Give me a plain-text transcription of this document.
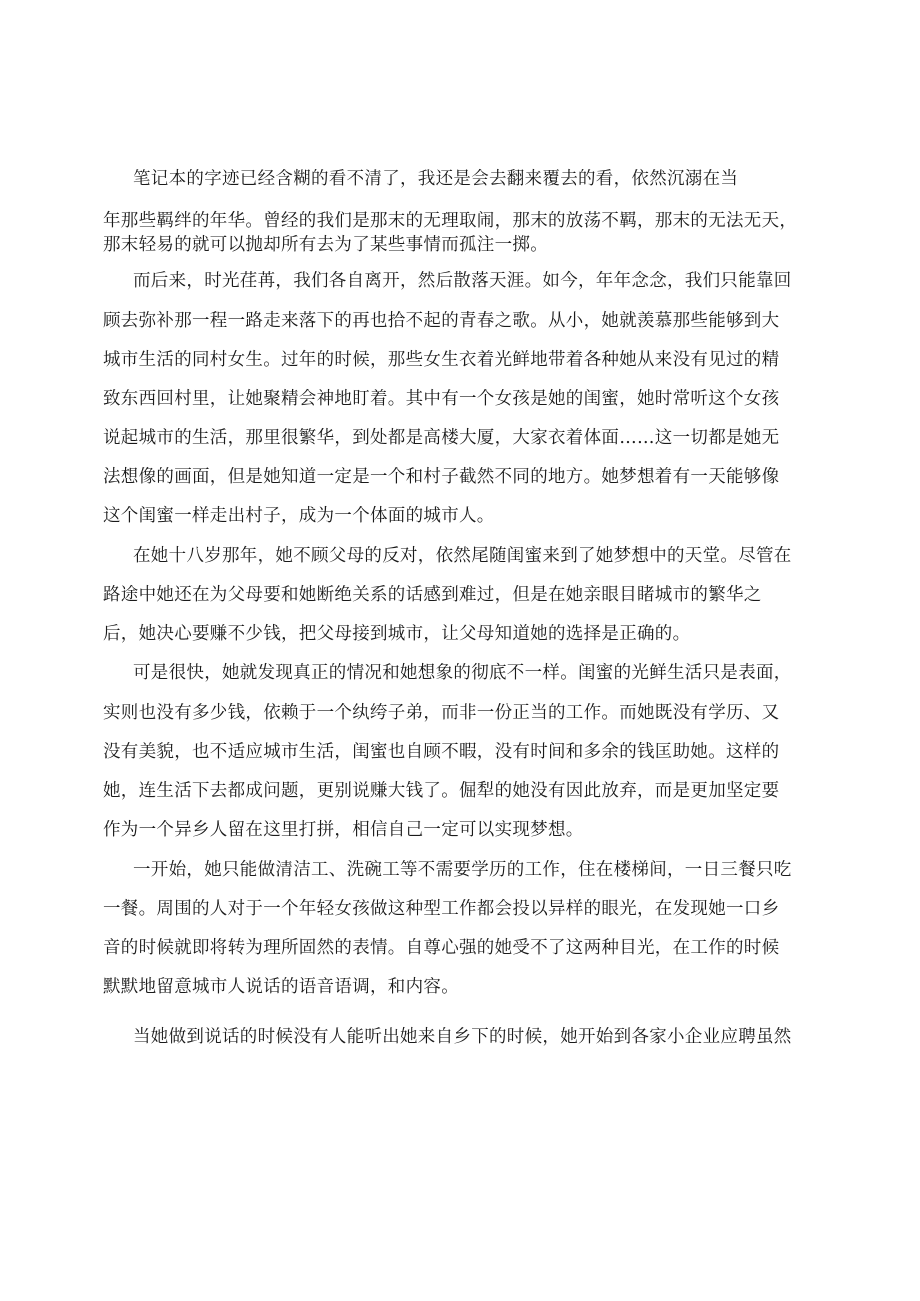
笔记本的字迹已经含糊的看不清了，我还是会去翻来覆去的看，依然沉溺在当

年那些羁绊的年华。曾经的我们是那末的无理取闹，那末的放荡不羁，那末的无法无天，

那末轻易的就可以抛却所有去为了某些事情而孤注一掷。

而后来，时光荏苒，我们各自离开，然后散落天涯。如今，年年念念，我们只能靠回

顾去弥补那一程一路走来落下的再也拾不起的青春之歌。从小，她就羡慕那些能够到大

城市生活的同村女生。过年的时候，那些女生衣着光鲜地带着各种她从来没有见过的精

致东西回村里，让她聚精会神地盯着。其中有一个女孩是她的闺蜜，她时常听这个女孩

说起城市的生活，那里很繁华，到处都是高楼大厦，大家衣着体面……这一切都是她无

法想像的画面，但是她知道一定是一个和村子截然不同的地方。她梦想着有一天能够像

这个闺蜜一样走出村子，成为一个体面的城市人。

在她十八岁那年，她不顾父母的反对，依然尾随闺蜜来到了她梦想中的天堂。尽管在

路途中她还在为父母要和她断绝关系的话感到难过，但是在她亲眼目睹城市的繁华之

后，她决心要赚不少钱，把父母接到城市，让父母知道她的选择是正确的。

可是很快，她就发现真正的情况和她想象的彻底不一样。闺蜜的光鲜生活只是表面，

实则也没有多少钱，依赖于一个纨绔子弟，而非一份正当的工作。而她既没有学历、又

没有美貌，也不适应城市生活，闺蜜也自顾不暇，没有时间和多余的钱匡助她。这样的

她，连生活下去都成问题，更别说赚大钱了。倔犁的她没有因此放弃，而是更加坚定要

作为一个异乡人留在这里打拼，相信自己一定可以实现梦想。

一开始，她只能做清洁工、洗碗工等不需要学历的工作，住在楼梯间，一日三餐只吃

一餐。周围的人对于一个年轻女孩做这种型工作都会投以异样的眼光，在发现她一口乡

音的时候就即将转为理所固然的表情。自尊心强的她受不了这两种目光，在工作的时候

默默地留意城市人说话的语音语调，和内容。

当她做到说话的时候没有人能听出她来自乡下的时候，她开始到各家小企业应聘虽然
